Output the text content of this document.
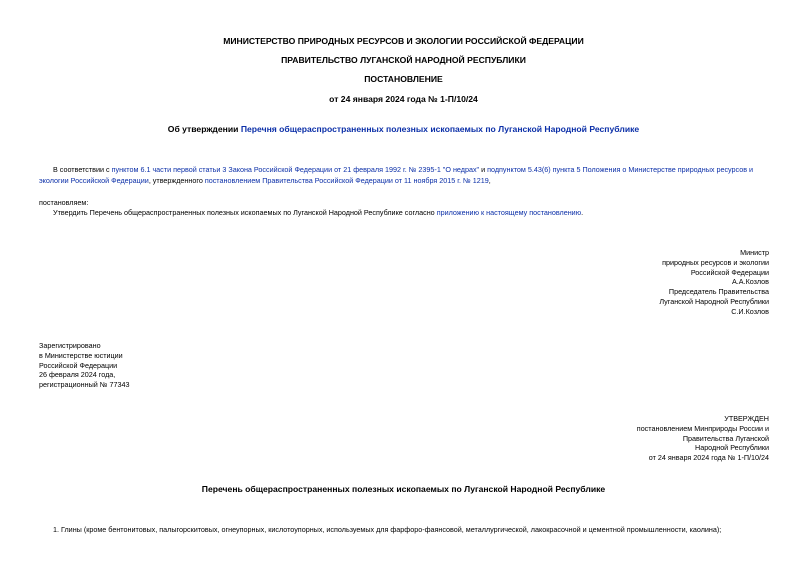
МИНИСТЕРСТВО ПРИРОДНЫХ РЕСУРСОВ И ЭКОЛОГИИ РОССИЙСКОЙ ФЕДЕРАЦИИ
ПРАВИТЕЛЬСТВО ЛУГАНСКОЙ НАРОДНОЙ РЕСПУБЛИКИ
ПОСТАНОВЛЕНИЕ
от 24 января 2024 года № 1-П/10/24
Об утверждении Перечня общераспространенных полезных ископаемых по Луганской Народной Республике
В соответствии с пунктом 6.1 части первой статьи 3 Закона Российской Федерации от 21 февраля 1992 г. № 2395-1 "О недрах" и подпунктом 5.43(6) пункта 5 Положения о Министерстве природных ресурсов и экологии Российской Федерации, утвержденного постановлением Правительства Российской Федерации от 11 ноября 2015 г. № 1219,
постановляем:
Утвердить Перечень общераспространенных полезных ископаемых по Луганской Народной Республике согласно приложению к настоящему постановлению.
Министр
природных ресурсов и экологии
Российской Федерации
А.А.Козлов
Председатель Правительства
Луганской Народной Республики
С.И.Козлов
Зарегистрировано
в Министерстве юстиции
Российской Федерации
26 февраля 2024 года,
регистрационный № 77343
УТВЕРЖДЕН
постановлением Минприроды России и
Правительства Луганской
Народной Республики
от 24 января 2024 года № 1-П/10/24
Перечень общераспространенных полезных ископаемых по Луганской Народной Республике
1. Глины (кроме бентонитовых, палыгорскитовых, огнеупорных, кислотоупорных, используемых для фарфоро-фаянсовой, металлургической, лакокрасочной и цементной промышленности, каолина);
